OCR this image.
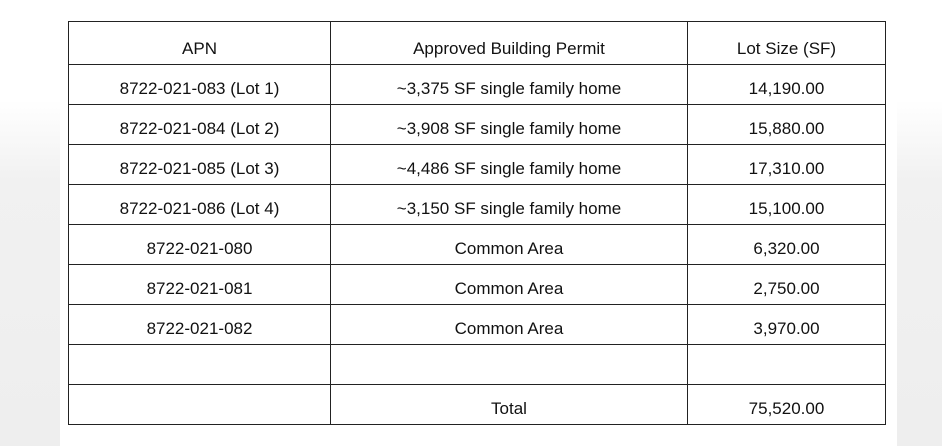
APN	Approved Building Permit	Lot Size (SF)
8722-021-083 (Lot 1)	~3,375 SF single family home	14,190.00
8722-021-084 (Lot 2)	~3,908 SF single family home	15,880.00
8722-021-085 (Lot 3)	~4,486 SF single family home	17,310.00
8722-021-086 (Lot 4)	~3,150 SF single family home	15,100.00
8722-021-080	Common Area	6,320.00
8722-021-081	Common Area	2,750.00
8722-021-082	Common Area	3,970.00

	Total	75,520.00
